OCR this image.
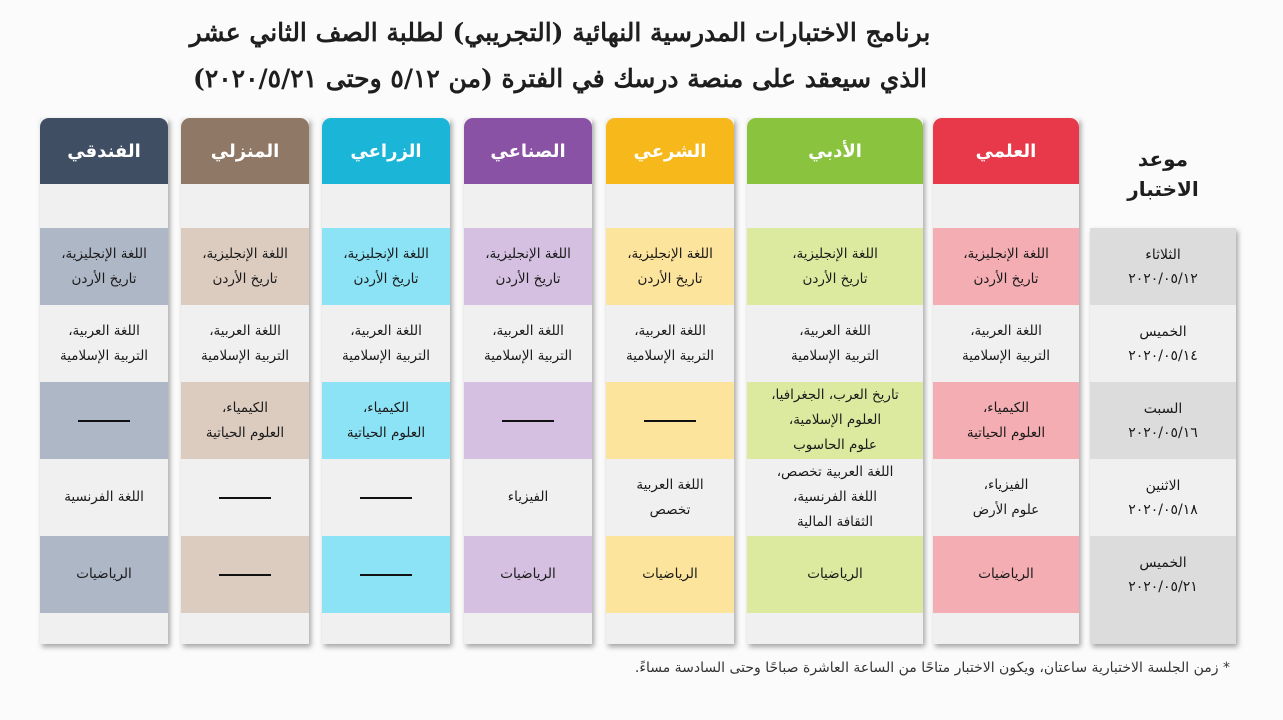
برنامج الاختبارات المدرسية النهائية (التجريبي) لطلبة الصف الثاني عشر
الذي سيعقد على منصة درسك في الفترة (من ٥/١٢ وحتى ٢٠٢٠/٥/٢١)
موعد
الاختبار
الثلاثاء
٢٠٢٠/٠٥/١٢
الخميس
٢٠٢٠/٠٥/١٤
السبت
٢٠٢٠/٠٥/١٦
الاثنين
٢٠٢٠/٠٥/١٨
الخميس
٢٠٢٠/٠٥/٢١
العلمي
اللغة الإنجليزية،
تاريخ الأردن
اللغة العربية،
التربية الإسلامية
الكيمياء،
العلوم الحياتية
الفيزياء،
علوم الأرض
الرياضيات
الأدبي
اللغة الإنجليزية،
تاريخ الأردن
اللغة العربية،
التربية الإسلامية
تاريخ العرب، الجغرافيا،
العلوم الإسلامية،
علوم الحاسوب
اللغة العربية تخصص،
اللغة الفرنسية،
الثقافة المالية
الرياضيات
الشرعي
اللغة الإنجليزية،
تاريخ الأردن
اللغة العربية،
التربية الإسلامية
اللغة العربية
تخصص
الرياضيات
الصناعي
اللغة الإنجليزية،
تاريخ الأردن
اللغة العربية،
التربية الإسلامية
الفيزياء
الرياضيات
الزراعي
اللغة الإنجليزية،
تاريخ الأردن
اللغة العربية،
التربية الإسلامية
الكيمياء،
العلوم الحياتية
المنزلي
اللغة الإنجليزية،
تاريخ الأردن
اللغة العربية،
التربية الإسلامية
الكيمياء،
العلوم الحياتية
الفندقي
اللغة الإنجليزية،
تاريخ الأردن
اللغة العربية،
التربية الإسلامية
اللغة الفرنسية
الرياضيات
* زمن الجلسة الاختبارية ساعتان، ويكون الاختبار متاحًا من الساعة العاشرة صباحًا وحتى السادسة مساءً.
